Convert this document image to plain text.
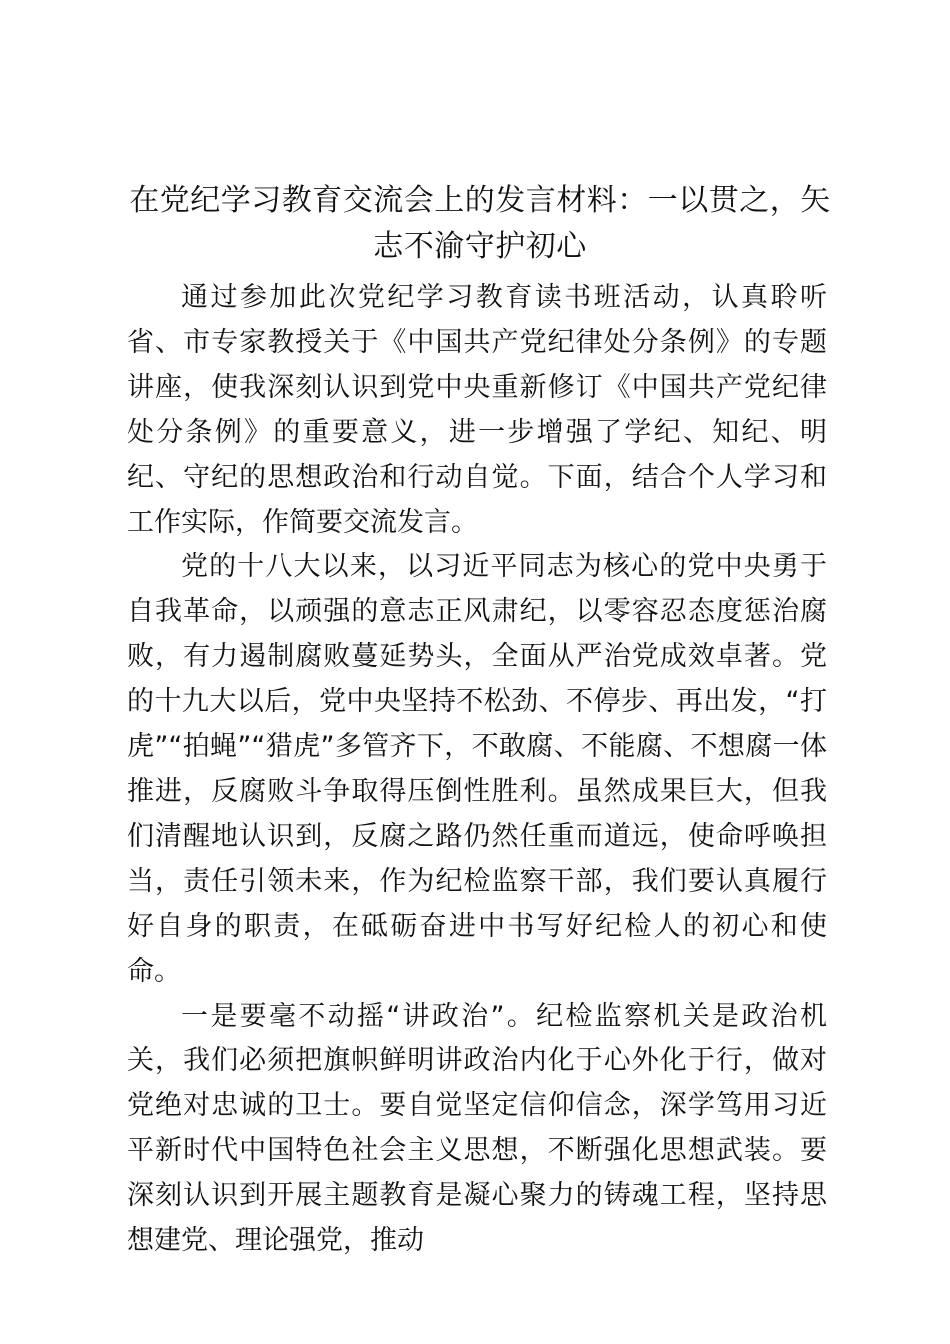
在党纪学习教育交流会上的发言材料：一以贯之，矢志不渝守护初心

通过参加此次党纪学习教育读书班活动，认真聆听省、市专家教授关于《中国共产党纪律处分条例》的专题讲座，使我深刻认识到党中央重新修订《中国共产党纪律处分条例》的重要意义，进一步增强了学纪、知纪、明纪、守纪的思想政治和行动自觉。下面，结合个人学习和工作实际，作简要交流发言。

党的十八大以来，以习近平同志为核心的党中央勇于自我革命，以顽强的意志正风肃纪，以零容忍态度惩治腐败，有力遏制腐败蔓延势头，全面从严治党成效卓著。党的十九大以后，党中央坚持不松劲、不停步、再出发，“打虎”“拍蝇”“猎虎”多管齐下，不敢腐、不能腐、不想腐一体推进，反腐败斗争取得压倒性胜利。虽然成果巨大，但我们清醒地认识到，反腐之路仍然任重而道远，使命呼唤担当，责任引领未来，作为纪检监察干部，我们要认真履行好自身的职责，在砥砺奋进中书写好纪检人的初心和使命。

一是要毫不动摇“讲政治”。纪检监察机关是政治机关，我们必须把旗帜鲜明讲政治内化于心外化于行，做对党绝对忠诚的卫士。要自觉坚定信仰信念，深学笃用习近平新时代中国特色社会主义思想，不断强化思想武装。要深刻认识到开展主题教育是凝心聚力的铸魂工程，坚持思想建党、理论强党，推动
